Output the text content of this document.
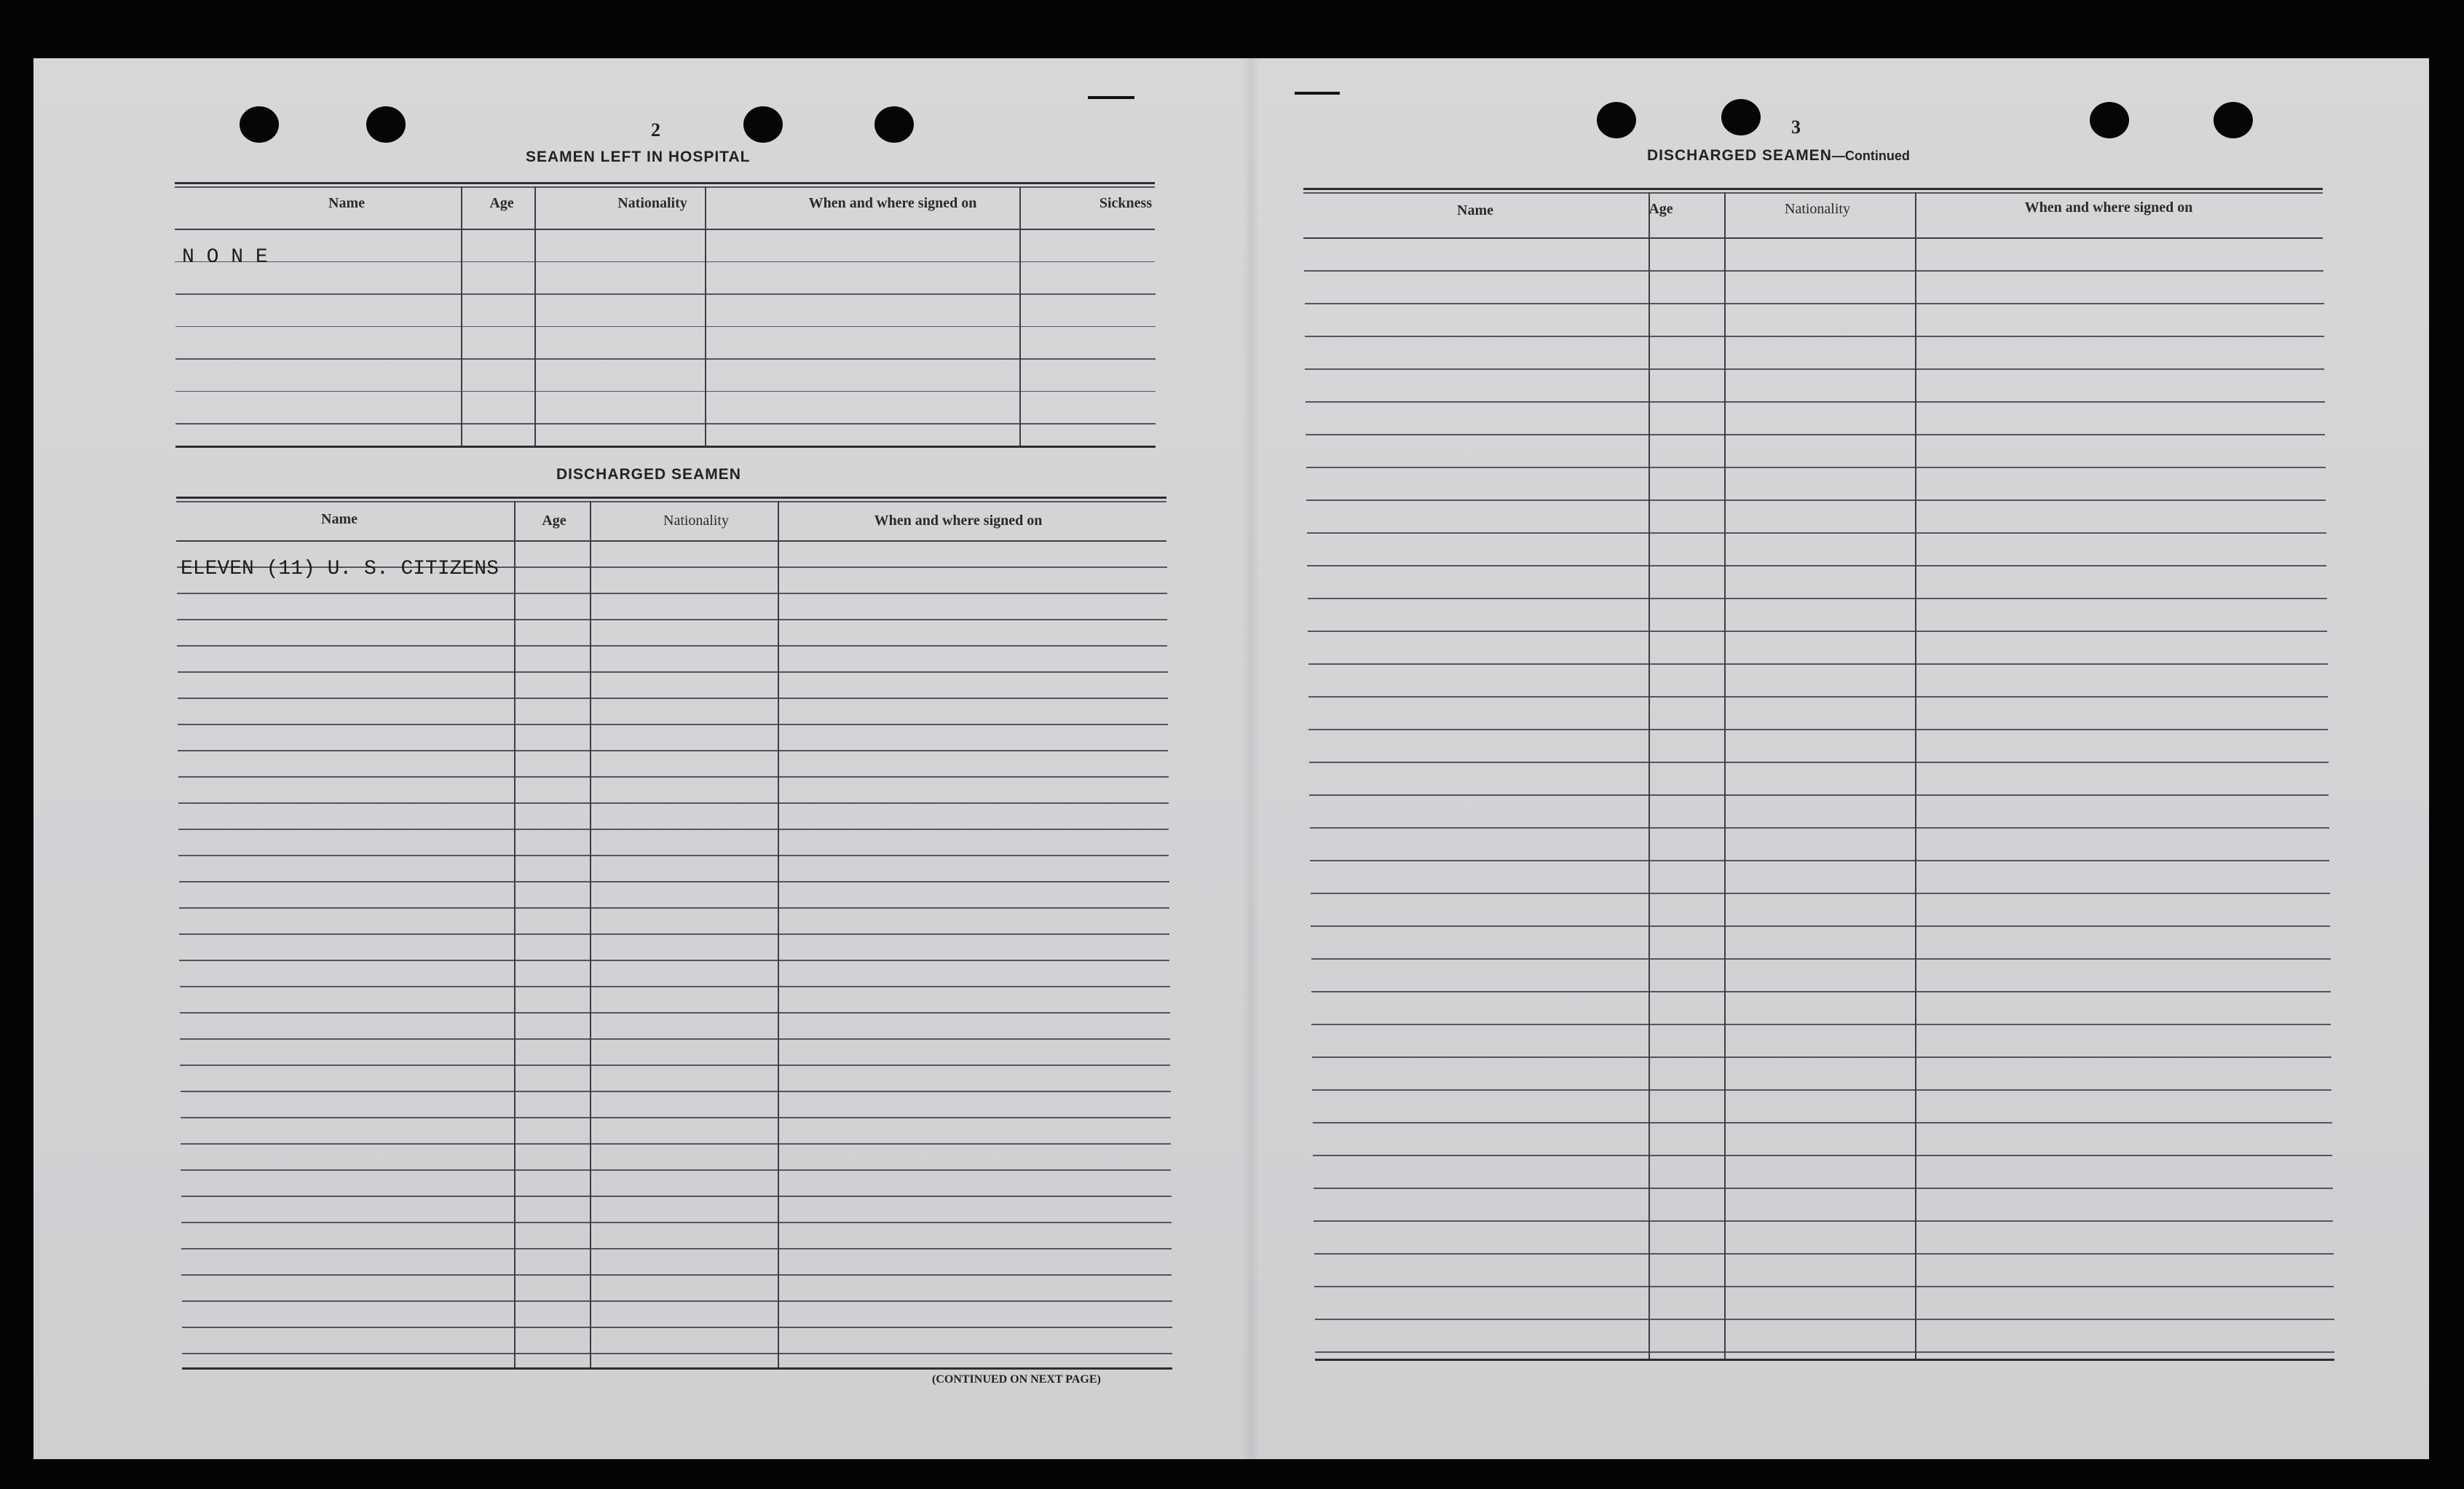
2
SEAMEN LEFT IN HOSPITAL
Name	Age	Nationality	When and where signed on	Sickness
N O N E
DISCHARGED SEAMEN
Name	Age	Nationality	When and where signed on
ELEVEN (11) U. S. CITIZENS
(CONTINUED ON NEXT PAGE)
3
DISCHARGED SEAMEN—Continued
Name	Age	Nationality	When and where signed on
